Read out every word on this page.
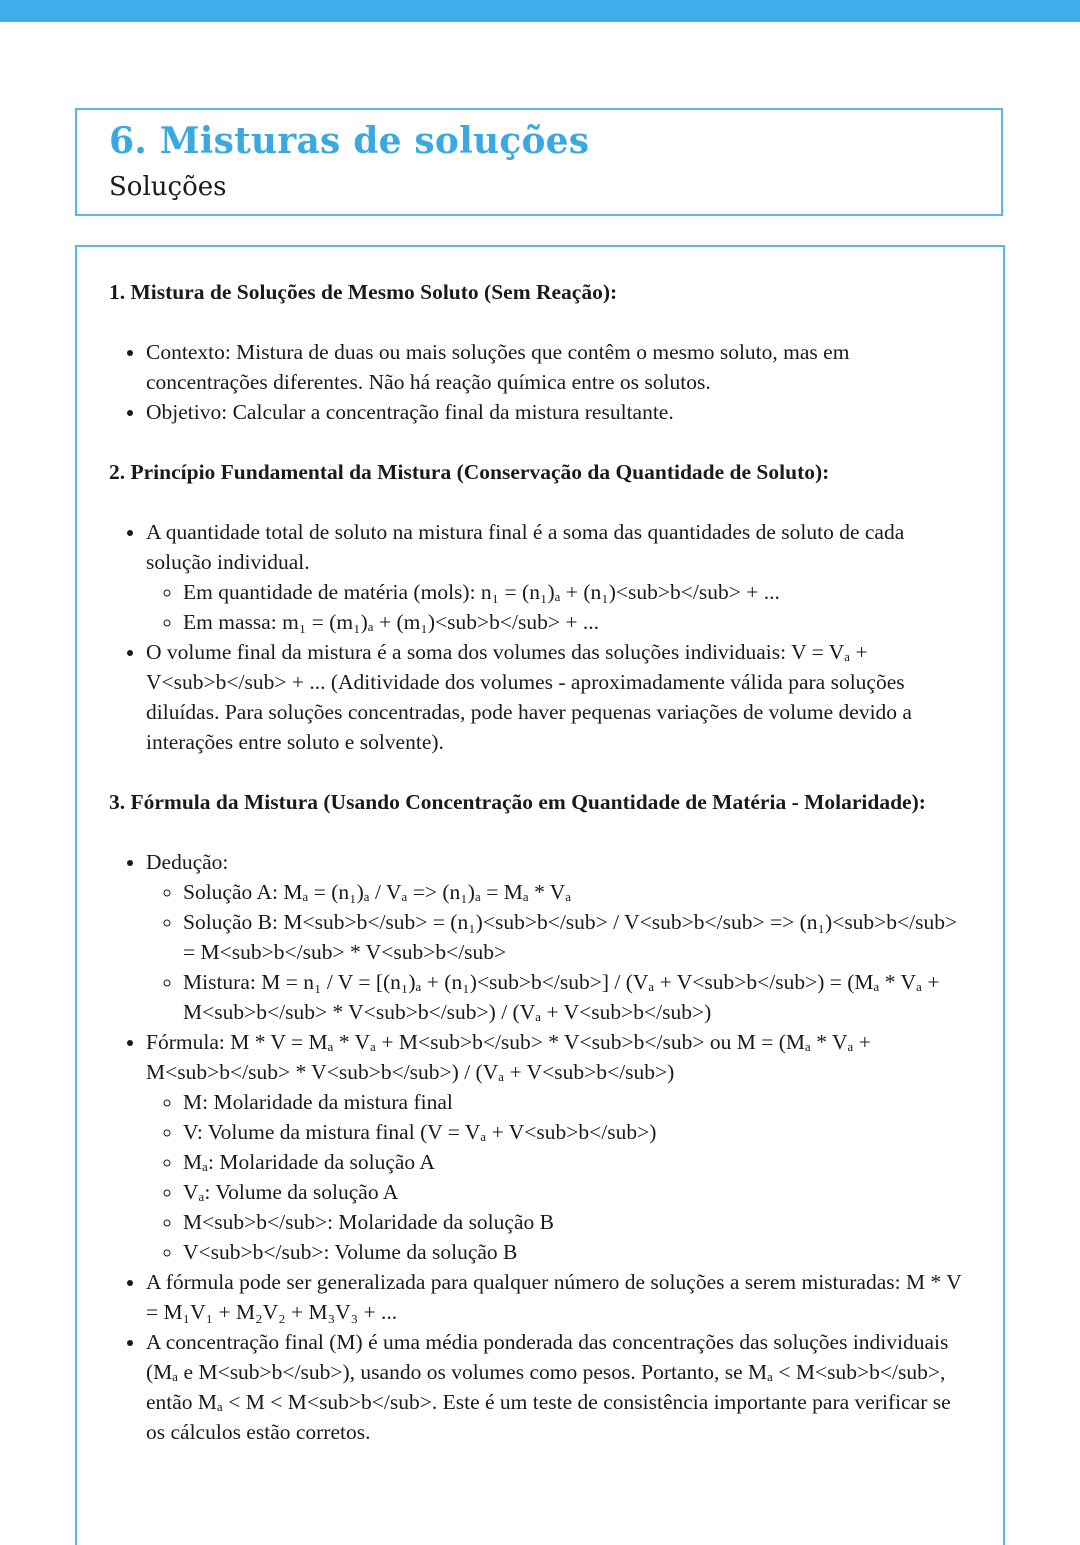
6. Misturas de soluções
Soluções
1. Mistura de Soluções de Mesmo Soluto (Sem Reação):
• Contexto: Mistura de duas ou mais soluções que contêm o mesmo soluto, mas em concentrações diferentes. Não há reação química entre os solutos.
• Objetivo: Calcular a concentração final da mistura resultante.
2. Princípio Fundamental da Mistura (Conservação da Quantidade de Soluto):
• A quantidade total de soluto na mistura final é a soma das quantidades de soluto de cada solução individual.
◦ Em quantidade de matéria (mols): n₁ = (n₁)ₐ + (n₁)<sub>b</sub> + ...
◦ Em massa: m₁ = (m₁)ₐ + (m₁)<sub>b</sub> + ...
• O volume final da mistura é a soma dos volumes das soluções individuais: V = Vₐ + V<sub>b</sub> + ... (Aditividade dos volumes - aproximadamente válida para soluções diluídas. Para soluções concentradas, pode haver pequenas variações de volume devido a interações entre soluto e solvente).
3. Fórmula da Mistura (Usando Concentração em Quantidade de Matéria - Molaridade):
• Dedução:
◦ Solução A: Mₐ = (n₁)ₐ / Vₐ => (n₁)ₐ = Mₐ * Vₐ
◦ Solução B: M<sub>b</sub> = (n₁)<sub>b</sub> / V<sub>b</sub> => (n₁)<sub>b</sub> = M<sub>b</sub> * V<sub>b</sub>
◦ Mistura: M = n₁ / V = [(n₁)ₐ + (n₁)<sub>b</sub>] / (Vₐ + V<sub>b</sub>) = (Mₐ * Vₐ + M<sub>b</sub> * V<sub>b</sub>) / (Vₐ + V<sub>b</sub>)
• Fórmula: M * V = Mₐ * Vₐ + M<sub>b</sub> * V<sub>b</sub> ou M = (Mₐ * Vₐ + M<sub>b</sub> * V<sub>b</sub>) / (Vₐ + V<sub>b</sub>)
◦ M: Molaridade da mistura final
◦ V: Volume da mistura final (V = Vₐ + V<sub>b</sub>)
◦ Mₐ: Molaridade da solução A
◦ Vₐ: Volume da solução A
◦ M<sub>b</sub>: Molaridade da solução B
◦ V<sub>b</sub>: Volume da solução B
• A fórmula pode ser generalizada para qualquer número de soluções a serem misturadas: M * V = M₁V₁ + M₂V₂ + M₃V₃ + ...
• A concentração final (M) é uma média ponderada das concentrações das soluções individuais (Mₐ e M<sub>b</sub>), usando os volumes como pesos. Portanto, se Mₐ < M<sub>b</sub>, então Mₐ < M < M<sub>b</sub>. Este é um teste de consistência importante para verificar se os cálculos estão corretos.
